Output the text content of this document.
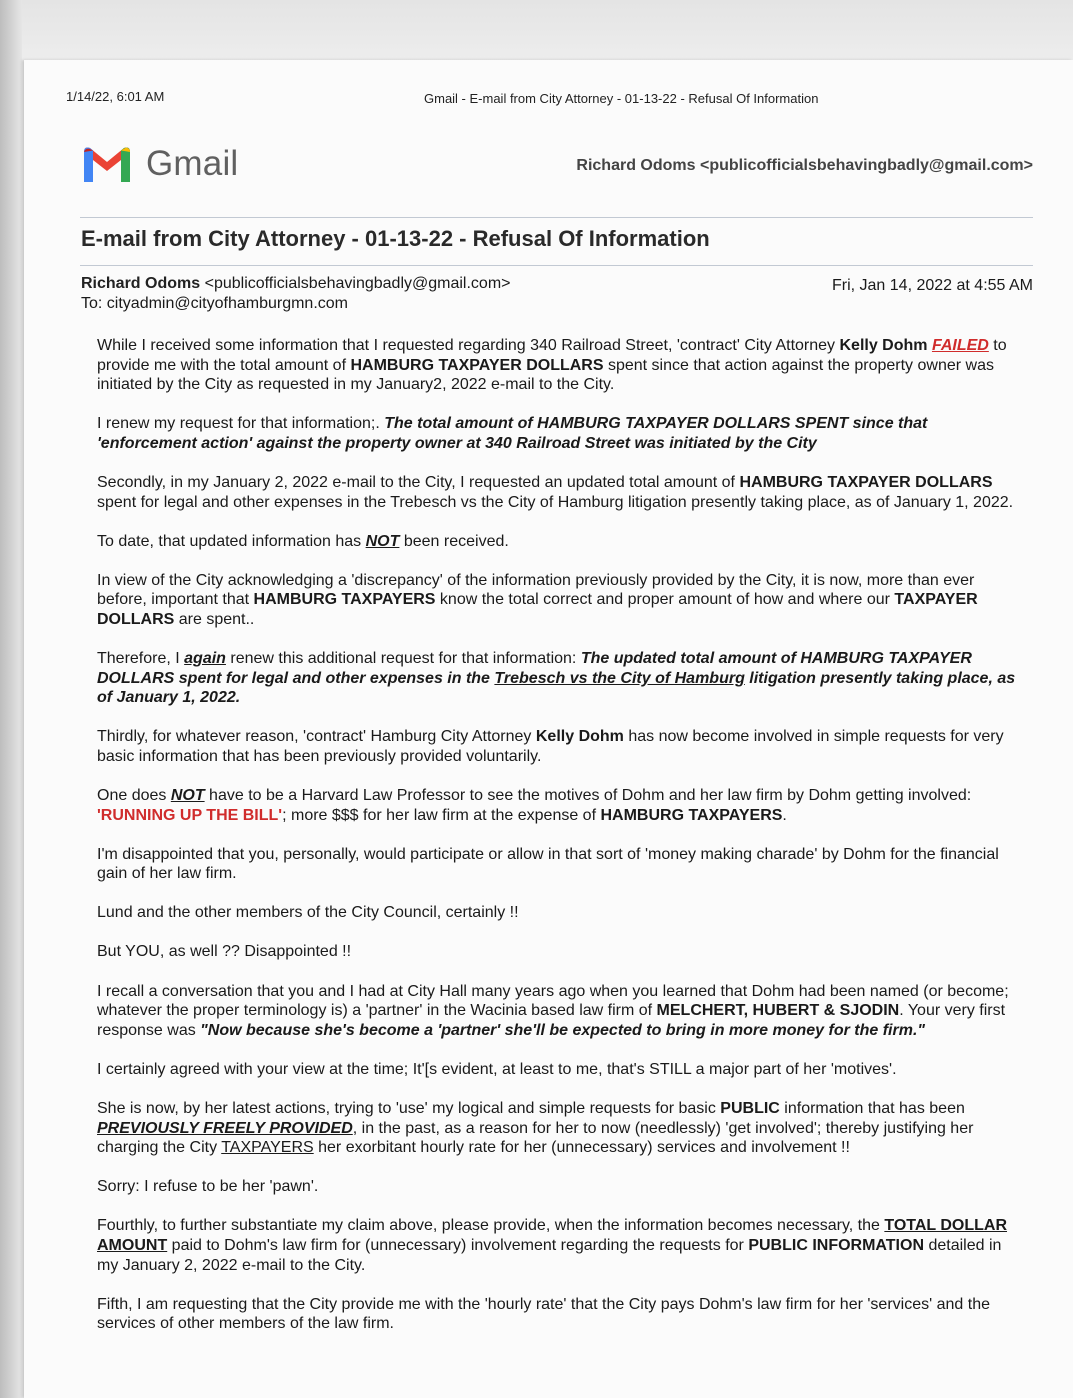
1/14/22, 6:01 AM	Gmail - E-mail from City Attorney - 01-13-22 - Refusal Of Information
Gmail	Richard Odoms <publicofficialsbehavingbadly@gmail.com>
E-mail from City Attorney - 01-13-22 - Refusal Of Information
Richard Odoms <publicofficialsbehavingbadly@gmail.com>
To: cityadmin@cityofhamburgmn.com
Fri, Jan 14, 2022 at 4:55 AM

While I received some information that I requested regarding 340 Railroad Street, 'contract' City Attorney Kelly Dohm FAILED to provide me with the total amount of HAMBURG TAXPAYER DOLLARS spent since that action against the property owner was initiated by the City as requested in my January2, 2022 e-mail to the City.

I renew my request for that information;. The total amount of HAMBURG TAXPAYER DOLLARS SPENT since that 'enforcement action' against the property owner at 340 Railroad Street was initiated by the City

Secondly, in my January 2, 2022 e-mail to the City, I requested an updated total amount of HAMBURG TAXPAYER DOLLARS spent for legal and other expenses in the Trebesch vs the City of Hamburg litigation presently taking place, as of January 1, 2022.

To date, that updated information has NOT been received.

In view of the City acknowledging a 'discrepancy' of the information previously provided by the City, it is now, more than ever before, important that HAMBURG TAXPAYERS know the total correct and proper amount of how and where our TAXPAYER DOLLARS are spent..

Therefore, I again renew this additional request for that information: The updated total amount of HAMBURG TAXPAYER DOLLARS spent for legal and other expenses in the Trebesch vs the City of Hamburg litigation presently taking place, as of January 1, 2022.

Thirdly, for whatever reason, 'contract' Hamburg City Attorney Kelly Dohm has now become involved in simple requests for very basic information that has been previously provided voluntarily.

One does NOT have to be a Harvard Law Professor to see the motives of Dohm and her law firm by Dohm getting involved: 'RUNNING UP THE BILL'; more $$$ for her law firm at the expense of HAMBURG TAXPAYERS.

I'm disappointed that you, personally, would participate or allow in that sort of 'money making charade' by Dohm for the financial gain of her law firm.

Lund and the other members of the City Council, certainly !!

But YOU, as well ?? Disappointed !!

I recall a conversation that you and I had at City Hall many years ago when you learned that Dohm had been named (or become; whatever the proper terminology is) a 'partner' in the Wacinia based law firm of MELCHERT, HUBERT & SJODIN. Your very first response was "Now because she's become a 'partner' she'll be expected to bring in more money for the firm."

I certainly agreed with your view at the time; It'[s evident, at least to me, that's STILL a major part of her 'motives'.

She is now, by her latest actions, trying to 'use' my logical and simple requests for basic PUBLIC information that has been PREVIOUSLY FREELY PROVIDED, in the past, as a reason for her to now (needlessly) 'get involved'; thereby justifying her charging the City TAXPAYERS her exorbitant hourly rate for her (unnecessary) services and involvement !!

Sorry: I refuse to be her 'pawn'.

Fourthly, to further substantiate my claim above, please provide, when the information becomes necessary, the TOTAL DOLLAR AMOUNT paid to Dohm's law firm for (unnecessary) involvement regarding the requests for PUBLIC INFORMATION detailed in my January 2, 2022 e-mail to the City.

Fifth, I am requesting that the City provide me with the 'hourly rate' that the City pays Dohm's law firm for her 'services' and the services of other members of the law firm.
